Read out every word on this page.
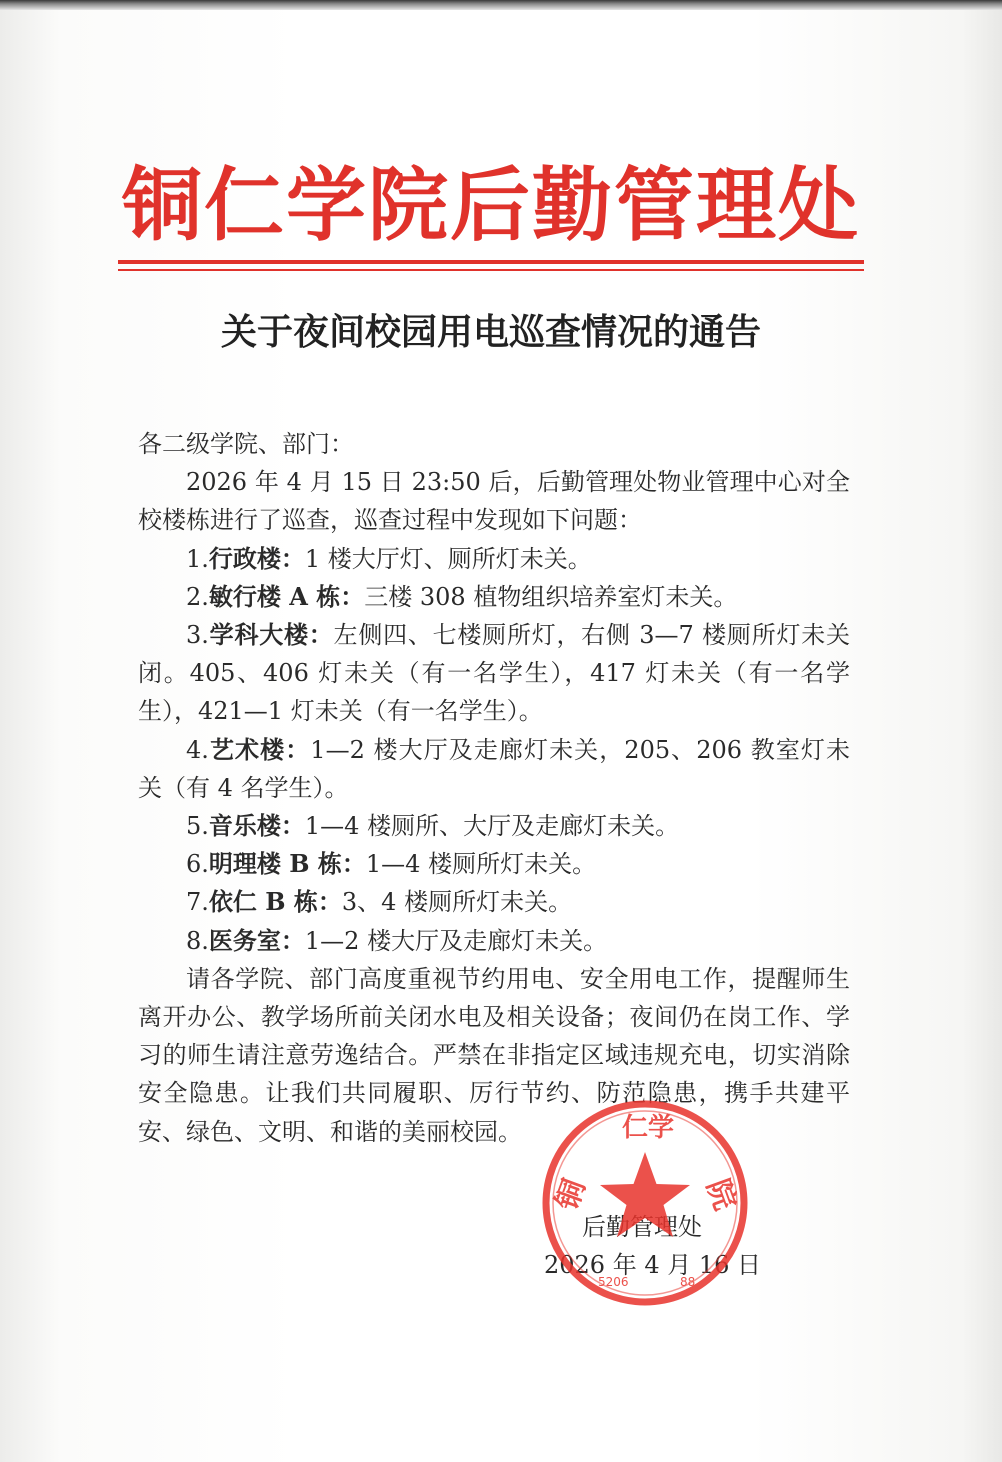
铜仁学院后勤管理处
关于夜间校园用电巡查情况的通告

各二级学院、部门：

2026 年 4 月 15 日 23:50 后，后勤管理处物业管理中心对全校楼栋进行了巡查，巡查过程中发现如下问题：

1.行政楼：1 楼大厅灯、厕所灯未关。

2.敏行楼 A 栋：三楼 308 植物组织培养室灯未关。

3.学科大楼：左侧四、七楼厕所灯，右侧 3—7 楼厕所灯未关闭。405、406 灯未关（有一名学生），417 灯未关（有一名学生），421—1 灯未关（有一名学生）。

4.艺术楼：1—2 楼大厅及走廊灯未关，205、206 教室灯未关（有 4 名学生）。

5.音乐楼：1—4 楼厕所、大厅及走廊灯未关。

6.明理楼 B 栋：1—4 楼厕所灯未关。

7.依仁 B 栋：3、4 楼厕所灯未关。

8.医务室：1—2 楼大厅及走廊灯未关。

请各学院、部门高度重视节约用电、安全用电工作，提醒师生离开办公、教学场所前关闭水电及相关设备；夜间仍在岗工作、学习的师生请注意劳逸结合。严禁在非指定区域违规充电，切实消除安全隐患。让我们共同履职、厉行节约、防范隐患，携手共建平安、绿色、文明、和谐的美丽校园。

后勤管理处
2026 年 4 月 16 日
铜
仁学
院
5206	88
